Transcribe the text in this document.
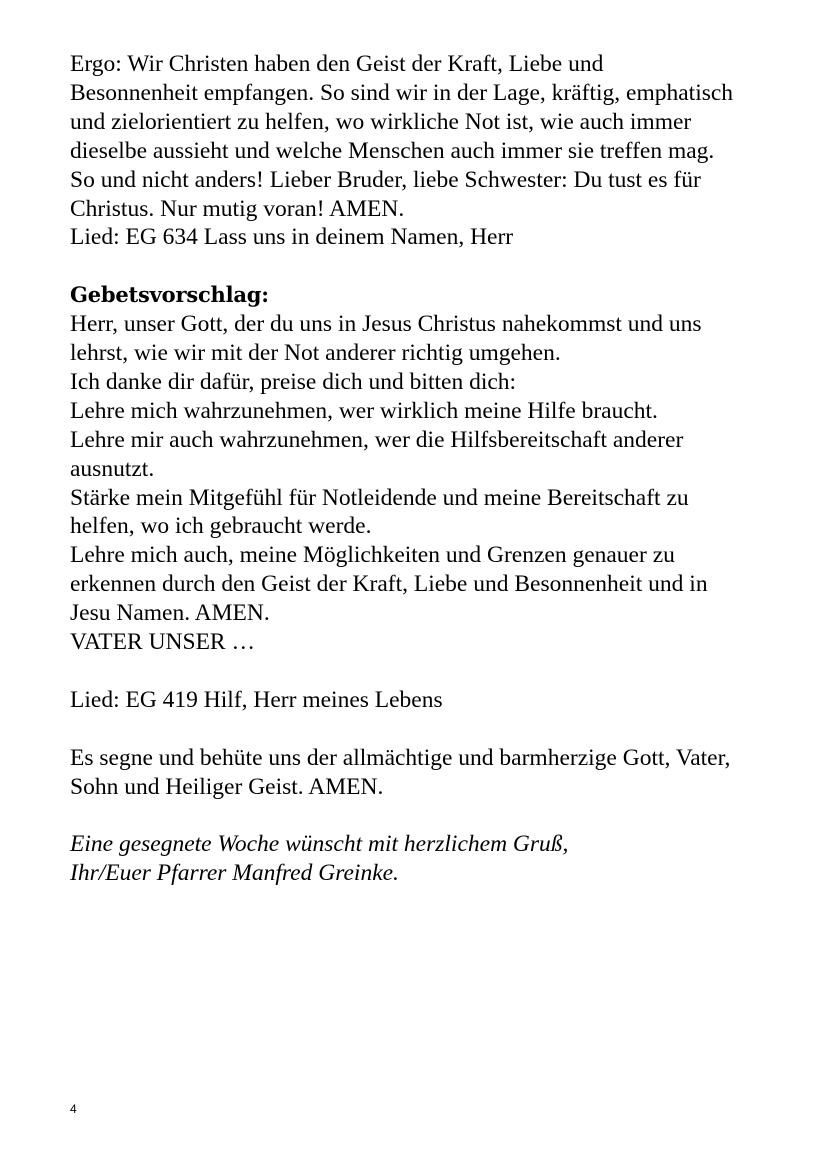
Ergo: Wir Christen haben den Geist der Kraft, Liebe und
Besonnenheit empfangen. So sind wir in der Lage, kräftig, emphatisch
und zielorientiert zu helfen, wo wirkliche Not ist, wie auch immer
dieselbe aussieht und welche Menschen auch immer sie treffen mag.
So und nicht anders! Lieber Bruder, liebe Schwester: Du tust es für
Christus. Nur mutig voran! AMEN.
Lied: EG 634 Lass uns in deinem Namen, Herr
Gebetsvorschlag:
Herr, unser Gott, der du uns in Jesus Christus nahekommst und uns
lehrst, wie wir mit der Not anderer richtig umgehen.
Ich danke dir dafür, preise dich und bitten dich:
Lehre mich wahrzunehmen, wer wirklich meine Hilfe braucht.
Lehre mir auch wahrzunehmen, wer die Hilfsbereitschaft anderer
ausnutzt.
Stärke mein Mitgefühl für Notleidende und meine Bereitschaft zu
helfen, wo ich gebraucht werde.
Lehre mich auch, meine Möglichkeiten und Grenzen genauer zu
erkennen durch den Geist der Kraft, Liebe und Besonnenheit und in
Jesu Namen. AMEN.
VATER UNSER …
Lied: EG 419 Hilf, Herr meines Lebens
Es segne und behüte uns der allmächtige und barmherzige Gott, Vater,
Sohn und Heiliger Geist. AMEN.
Eine gesegnete Woche wünscht mit herzlichem Gruß,
Ihr/Euer Pfarrer Manfred Greinke.
4
